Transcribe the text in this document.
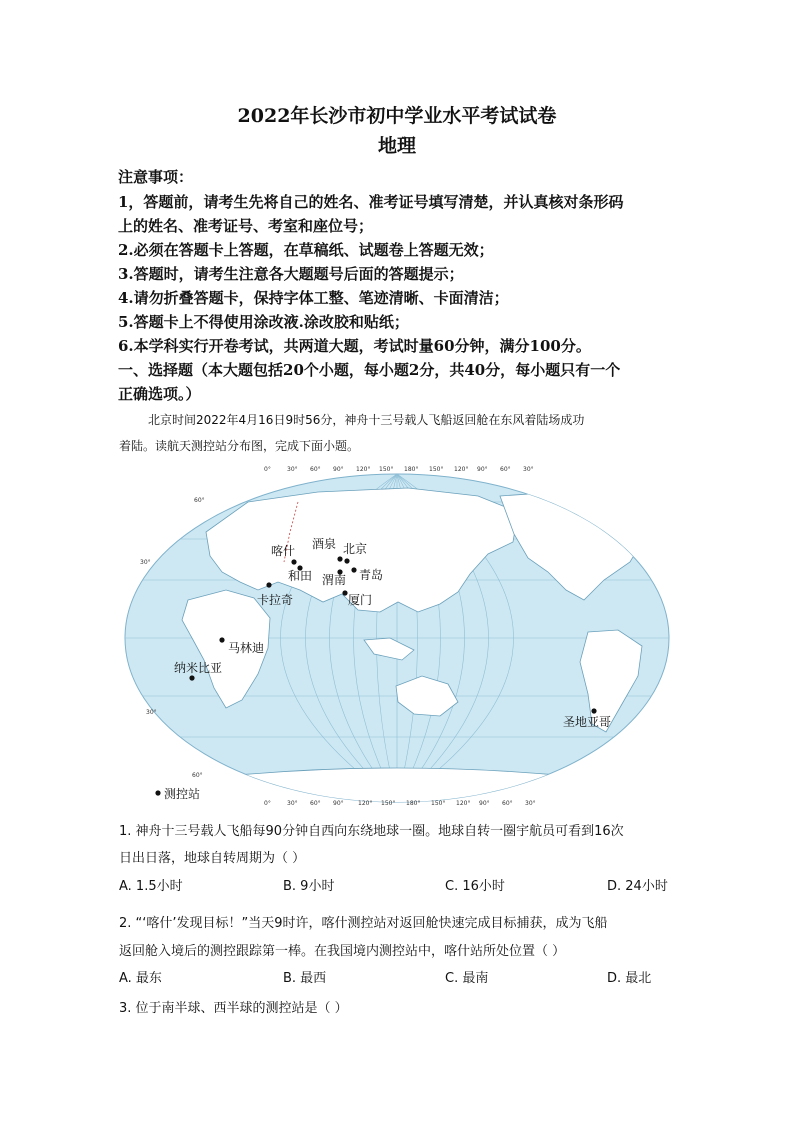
2022年长沙市初中学业水平考试试卷
地理
注意事项：
1，答题前，请考生先将自己的姓名、准考证号填写清楚，并认真核对条形码
上的姓名、准考证号、考室和座位号；
2.必须在答题卡上答题，在草稿纸、试题卷上答题无效；
3.答题时，请考生注意各大题题号后面的答题提示；
4.请勿折叠答题卡，保持字体工整、笔迹清晰、卡面清洁；
5.答题卡上不得使用涂改液.涂改胶和贴纸；
6.本学科实行开卷考试，共两道大题，考试时量60分钟，满分100分。
一、选择题（本大题包括20个小题，每小题2分，共40分，每小题只有一个
正确选项。）
北京时间2022年4月16日9时56分，神舟十三号载人飞船返回舱在东风着陆场成功
着陆。读航天测控站分布图，完成下面小题。
0°	30° 60° 90° 120° 150° 180° 150° 120° 90° 60° 30°
0°	30° 60° 90° 120° 150° 180° 150° 120° 90° 60° 30°
60°
30°
30°
60°
喀什 酒泉 北京
和田 渭南 青岛
卡拉奇	厦门
马林迪
纳米比亚
圣地亚哥
测控站
1. 神舟十三号载人飞船每90分钟自西向东绕地球一圈。地球自转一圈宇航员可看到16次
日出日落，地球自转周期为（ ）
A. 1.5小时	B. 9小时	C. 16小时	D. 24小时
2. “‘喀什’发现目标！”当天9时许，喀什测控站对返回舱快速完成目标捕获，成为飞船
返回舱入境后的测控跟踪第一棒。在我国境内测控站中，喀什站所处位置（ ）
A. 最东	B. 最西	C. 最南	D. 最北
3. 位于南半球、西半球的测控站是（ ）
